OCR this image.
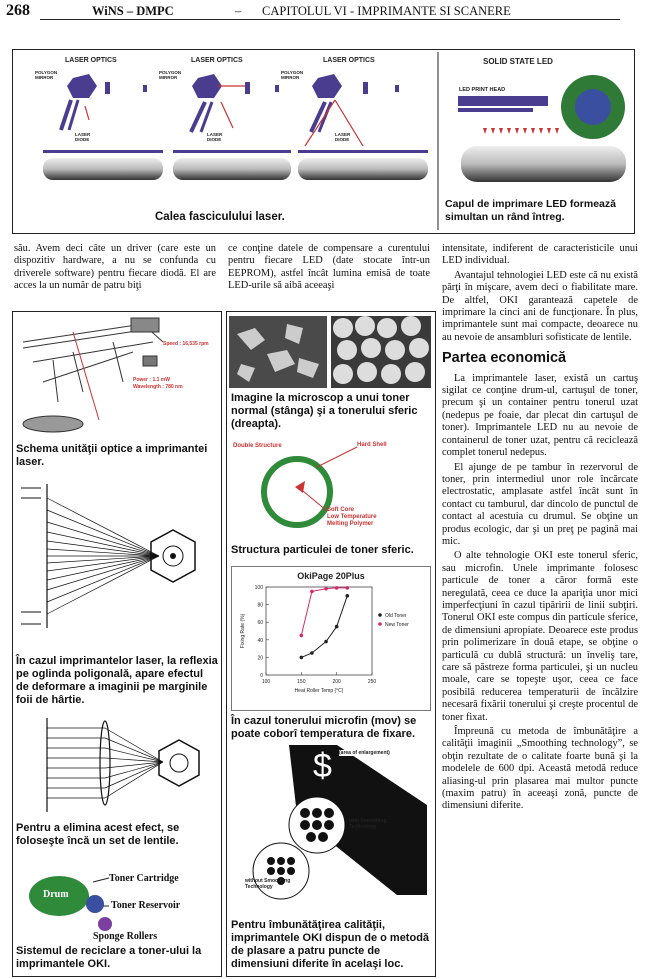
268	WiNS – DMPC	– CAPITOLUL VI - IMPRIMANTE SI SCANERE
LASER OPTICS	LASER OPTICS	LASER OPTICS
POLYGON MIRROR
POLYGON MIRROR
POLYGON MIRROR
LASER DIODE
LASER DIODE
LASER DIODE
Calea fasciculului laser.
SOLID STATE LED
LED PRINT HEAD
Capul de imprimare LED formează simultan un rând întreg.

său. Avem deci câte un driver (care este un dispozitiv hardware, a nu se confunda cu driverele software) pentru fiecare diodă. El are acces la un număr de patru biţi

ce conţine datele de compensare a curentului pentru fiecare LED (date stocate într-un EEPROM), astfel încât lumina emisă de toate LED-urile să aibă aceeaşi

Speed : 16,535 rpm
Power : 1.1 mW
Wavelength : 780 nm
Schema unităţii optice a imprimantei laser.
În cazul imprimantelor laser, la reflexia pe oglinda poligonală, apare efectul de deformare a imaginii pe marginile foii de hârtie.
Pentru a elimina acest efect, se foloseşte încă un set de lentile.
Drum
Toner Cartridge
Toner Reservoir
Sponge Rollers
Sistemul de reciclare a toner-ului la imprimantele OKI.
Imagine la microscop a unui toner normal (stânga) şi a tonerului sferic (dreapta).
Double Structure	Hard Shell
Soft Core
Low Temperature
Melting Polymer
Structura particulei de toner sferic.
OkiPage 20Plus
0
20
40
60
80
100
100	150	200	250
Heat Roller Temp (°C)
Fixing Rate (%)	Old Toner
New Toner
În cazul tonerului microfin (mov) se poate coborî temperatura de fixare.
$ (area of enlargement)
with Smoothing Technology
without Smoothing Technology
Pentru îmbunătăţirea calităţii, imprimantele OKI dispun de o metodă de plasare a patru puncte de dimensiuni diferite în acelaşi loc.

intensitate, indiferent de caracteristicile unui LED individual.

Avantajul tehnologiei LED este că nu există părţi în mişcare, avem deci o fiabilitate mare. De altfel, OKI garantează capetele de imprimare la cinci ani de funcţionare. În plus, imprimantele sunt mai compacte, deoarece nu au nevoie de ansambluri sofisticate de lentile.

Partea economică

La imprimantele laser, există un cartuş sigilat ce conţine drum-ul, cartuşul de toner, precum şi un container pentru tonerul uzat (nedepus pe foaie, dar plecat din cartuşul de toner). Imprimantele LED nu au nevoie de containerul de toner uzat, pentru că reciclează complet tonerul nedepus.

El ajunge de pe tambur în rezervorul de toner, prin intermediul unor role încărcate electrostatic, amplasate astfel încât sunt în contact cu tamburul, dar dincolo de punctul de contact al acestuia cu drumul. Se obţine un produs ecologic, dar şi un preţ pe pagină mai mic.

O alte tehnologie OKI este tonerul sferic, sau microfin. Unele imprimante folosesc particule de toner a căror formă este neregulată, ceea ce duce la apariţia unor mici imperfecţiuni în cazul tipăririi de linii subţiri. Tonerul OKI este compus din particule sferice, de dimensiuni apropiate. Deoarece este produs prin polimerizare în două etape, se obţine o particulă cu dublă structură: un înveliş tare, care să păstreze forma particulei, şi un nucleu moale, care se topeşte uşor, ceea ce face posibilă reducerea temperaturii de încălzire necesară fixării tonerului şi creşte procentul de toner fixat.

Împreună cu metoda de îmbunătăţire a calităţii imaginii „Smoothing technology”, se obţin rezultate de o calitate foarte bună şi la modelele de 600 dpi. Această metodă reduce aliasing-ul prin plasarea mai multor puncte (maxim patru) în aceeaşi zonă, puncte de dimensiuni diferite.
